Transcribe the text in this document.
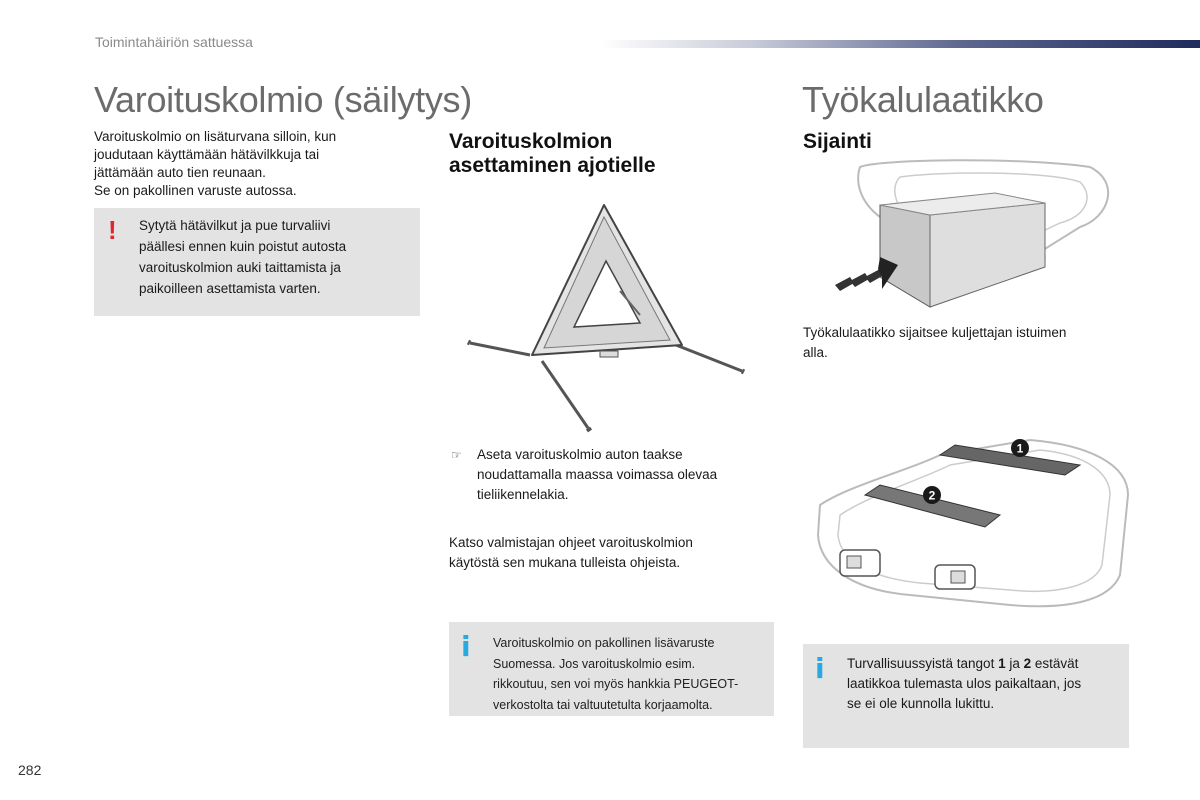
Toimintahäiriön sattuessa
Varoituskolmio (säilytys)
Varoituskolmio on lisäturvana silloin, kun
joudutaan käyttämään hätävilkkuja tai
jättämään auto tien reunaan.
Se on pakollinen varuste autossa.
! Sytytä hätävilkut ja pue turvaliivi
päällesi ennen kuin poistut autosta
varoituskolmion auki taittamista ja
paikoilleen asettamista varten.
Varoituskolmion
asettaminen ajotielle
☞ Aseta varoituskolmio auton taakse
noudattamalla maassa voimassa olevaa
tieliikennelakia.
Katso valmistajan ohjeet varoituskolmion
käytöstä sen mukana tulleista ohjeista.
i Varoituskolmio on pakollinen lisävaruste
Suomessa. Jos varoituskolmio esim.
rikkoutuu, sen voi myös hankkia PEUGEOT-
verkostolta tai valtuutetulta korjaamolta.
Työkalulaatikko
Sijainti
Työkalulaatikko sijaitsee kuljettajan istuimen
alla.
1
2
i Turvallisuussyistä tangot 1 ja 2 estävät
laatikkoa tulemasta ulos paikaltaan, jos
se ei ole kunnolla lukittu.
282
